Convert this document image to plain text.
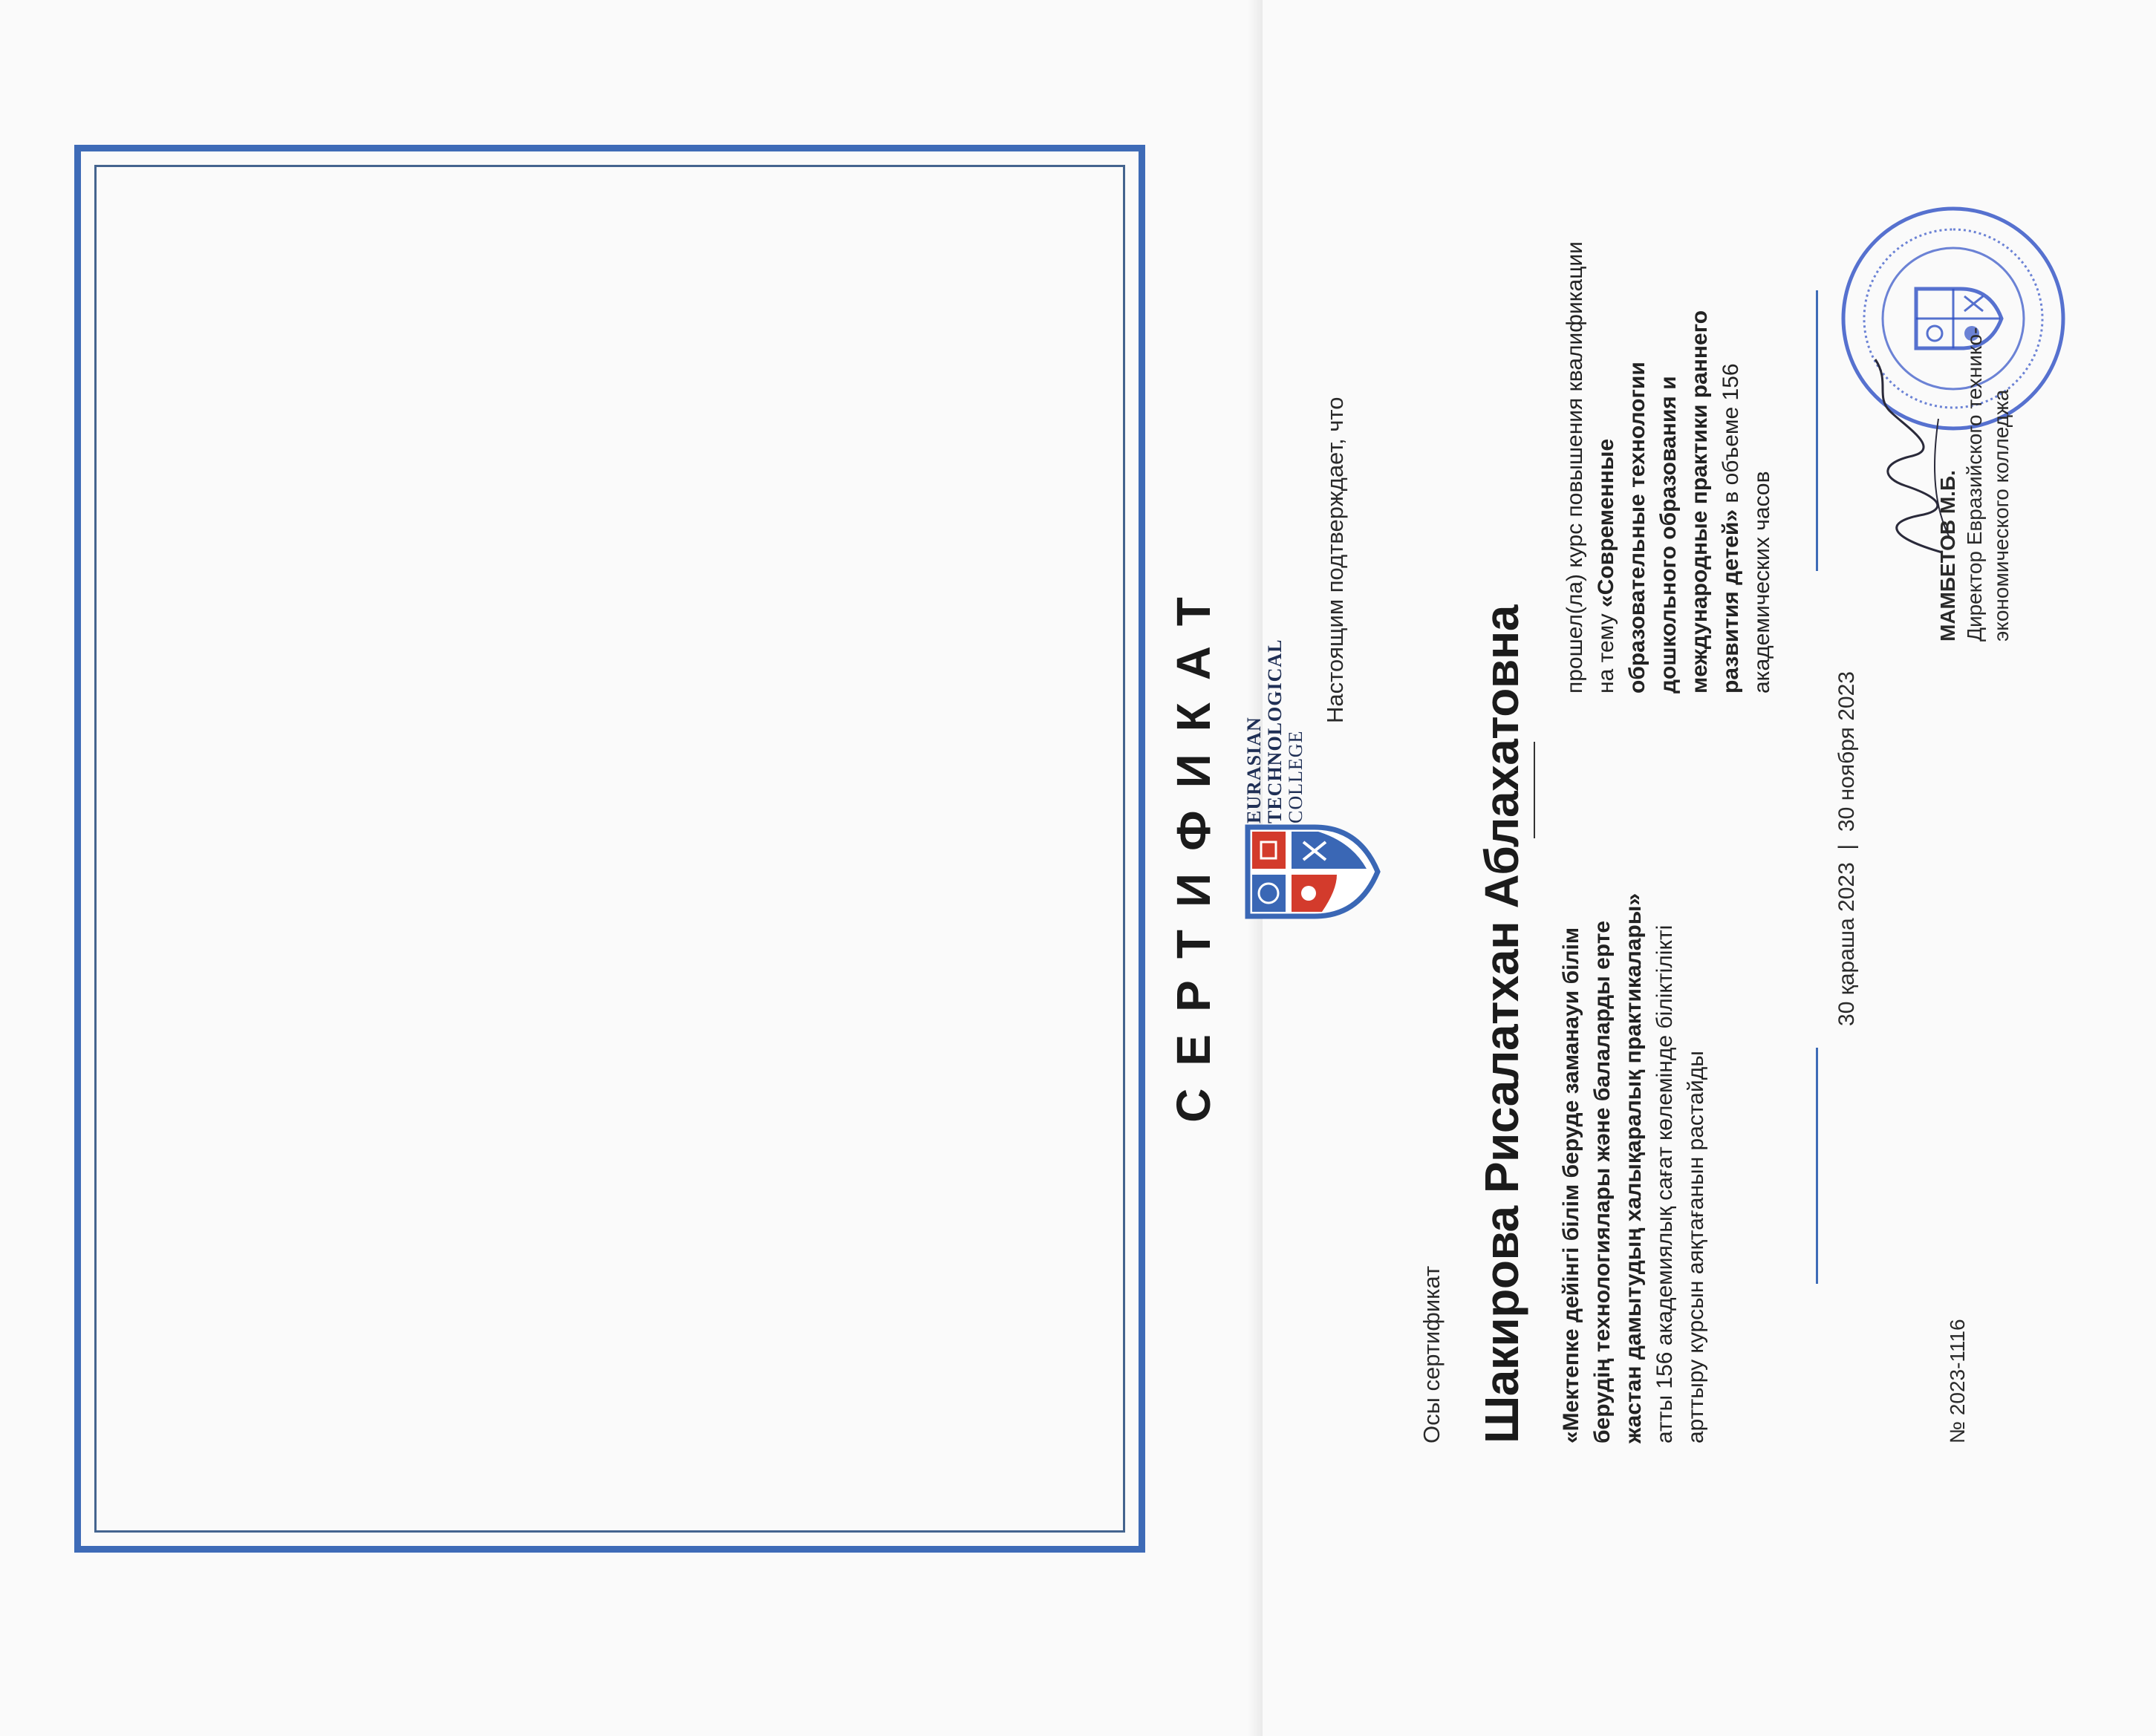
СЕРТИФИКАТ EURASIAN TECHNOLOGICAL COLLEGE
Осы сертификат
Настоящим подтверждает, что
Шакирова Рисалатхан Аблахатовна «Мектепке дейінгі білім беруде заманауи білім берудің технологиялары және балаларды ерте жастан дамытудың халықаралық практикалары» атты 156 академиялық сағат көлемінде біліктілікті арттыру курсын аяқтағанын растайды
прошел(ла) курс повышения квалификации на тему «Современные образовательные технологии дошкольного образования и международные практики раннего развития детей» в объеме 156 академических часов
30 қараша 2023  |  30 ноября 2023
№ 2023-1116
МАМБЕТОВ М.Б. Директор Евразийского технико- экономического колледжа
